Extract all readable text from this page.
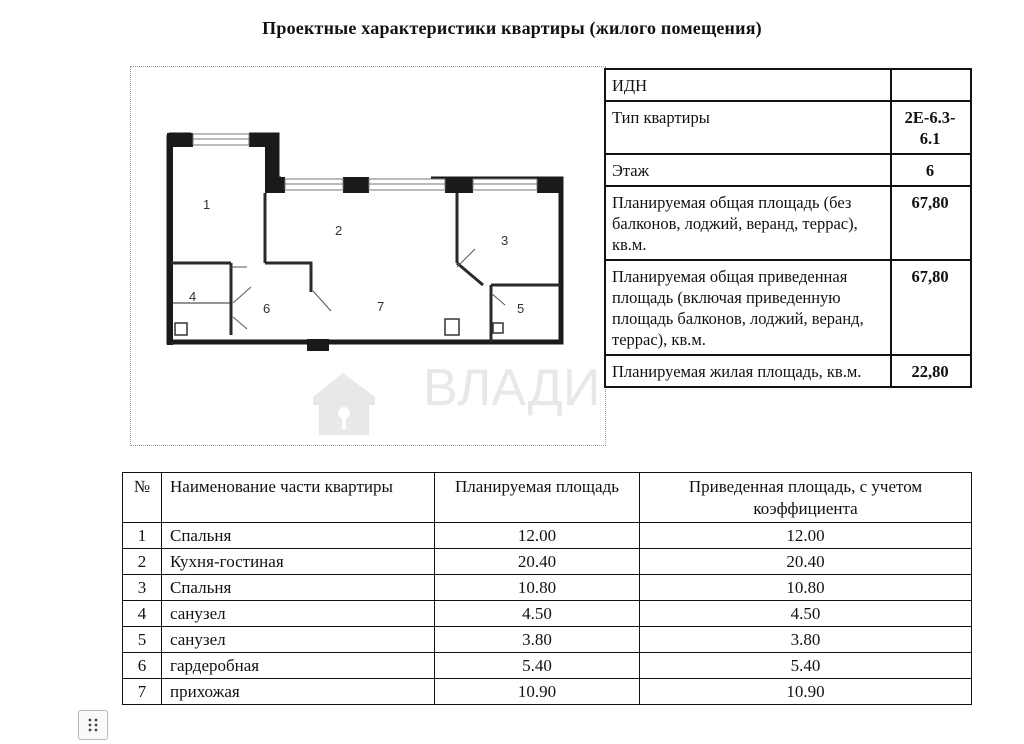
Проектные характеристики квартиры (жилого помещения)
ВЛАДИ
1
2
3
4
5
6	7
ИДН	
Тип квартиры	2Е-6.3-6.1
Этаж	6
Планируемая общая площадь (без балконов, лоджий, веранд, террас), кв.м.	67,80
Планируемая общая приведенная площадь (включая приведенную площадь балконов, лоджий, веранд, террас), кв.м.	67,80
Планируемая жилая площадь, кв.м.	22,80
№	Наименование части квартиры	Планируемая площадь	Приведенная площадь, с учетом коэффициента
1	Спальня	12.00	12.00
2	Кухня-гостиная	20.40	20.40
3	Спальня	10.80	10.80
4	санузел	4.50	4.50
5	санузел	3.80	3.80
6	гардеробная	5.40	5.40
7	прихожая	10.90	10.90
